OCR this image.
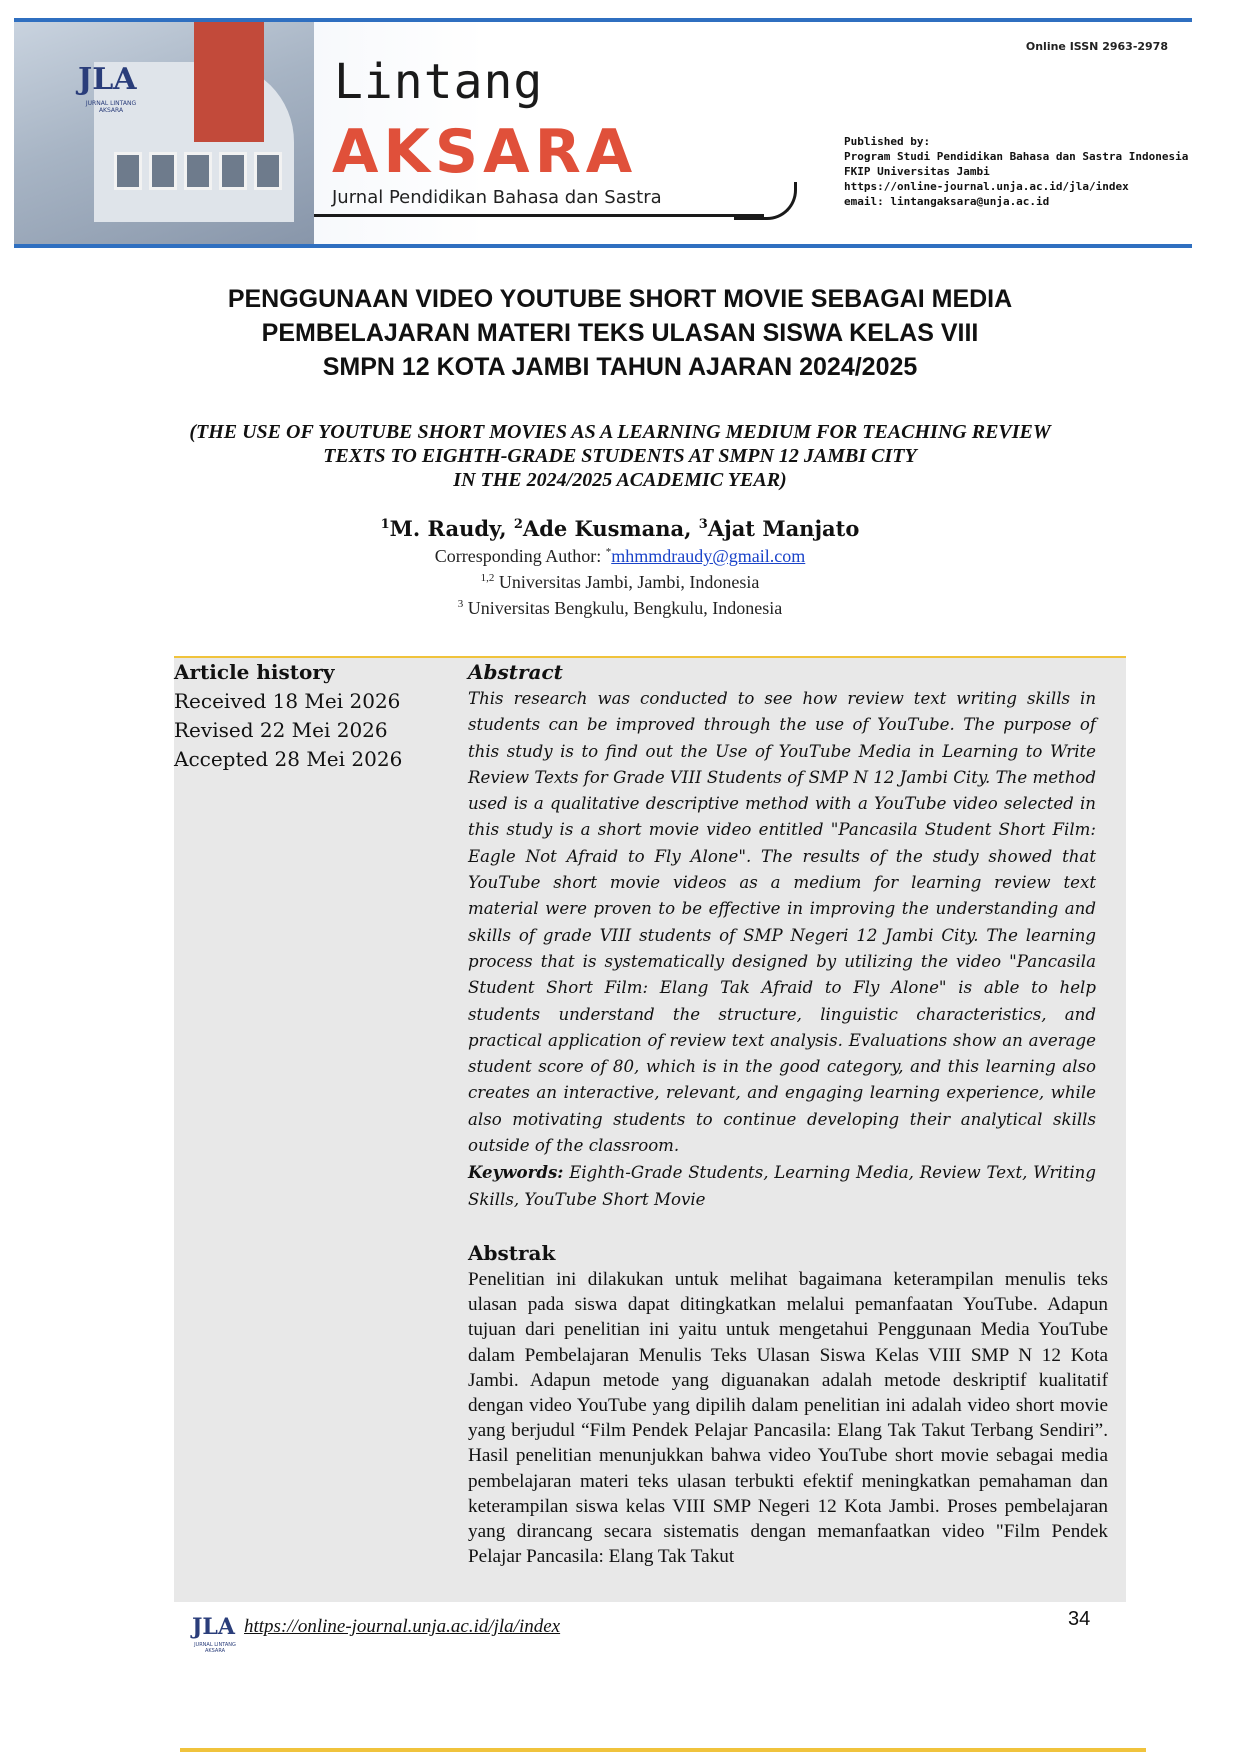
JLA
JURNAL LINTANG AKSARA
Lintang
AKSARA
Jurnal Pendidikan Bahasa dan Sastra
Online ISSN 2963-2978
Published by:
Program Studi Pendidikan Bahasa dan Sastra Indonesia
FKIP Universitas Jambi
https://online-journal.unja.ac.id/jla/index
email: lintangaksara@unja.ac.id
PENGGUNAAN VIDEO YOUTUBE SHORT MOVIE SEBAGAI MEDIA
PEMBELAJARAN MATERI TEKS ULASAN SISWA KELAS VIII
SMPN 12 KOTA JAMBI TAHUN AJARAN 2024/2025
(THE USE OF YOUTUBE SHORT MOVIES AS A LEARNING MEDIUM FOR TEACHING REVIEW
TEXTS TO EIGHTH-GRADE STUDENTS AT SMPN 12 JAMBI CITY
IN THE 2024/2025 ACADEMIC YEAR)
$^1$M. Raudy, $^2$Ade Kusmana, $^3$Ajat Manjato
Corresponding Author: *mhmmdraudy@gmail.com
$^{1,2}$ Universitas Jambi, Jambi, Indonesia
$^3$ Universitas Bengkulu, Bengkulu, Indonesia
Article history
Received 18 Mei 2026
Revised 22 Mei 2026
Accepted 28 Mei 2026
Abstract

This research was conducted to see how review text writing skills in students can be improved through the use of YouTube. The purpose of this study is to find out the Use of YouTube Media in Learning to Write Review Texts for Grade VIII Students of SMP N 12 Jambi City. The method used is a qualitative descriptive method with a YouTube video selected in this study is a short movie video entitled "Pancasila Student Short Film: Eagle Not Afraid to Fly Alone". The results of the study showed that YouTube short movie videos as a medium for learning review text material were proven to be effective in improving the understanding and skills of grade VIII students of SMP Negeri 12 Jambi City. The learning process that is systematically designed by utilizing the video "Pancasila Student Short Film: Elang Tak Afraid to Fly Alone" is able to help students understand the structure, linguistic characteristics, and practical application of review text analysis. Evaluations show an average student score of 80, which is in the good category, and this learning also creates an interactive, relevant, and engaging learning experience, while also motivating students to continue developing their analytical skills outside of the classroom.

Keywords: Eighth-Grade Students, Learning Media, Review Text, Writing Skills, YouTube Short Movie

Abstrak

Penelitian ini dilakukan untuk melihat bagaimana keterampilan menulis teks ulasan pada siswa dapat ditingkatkan melalui pemanfaatan YouTube. Adapun tujuan dari penelitian ini yaitu untuk mengetahui Penggunaan Media YouTube dalam Pembelajaran Menulis Teks Ulasan Siswa Kelas VIII SMP N 12 Kota Jambi. Adapun metode yang diguanakan adalah metode deskriptif kualitatif dengan video YouTube yang dipilih dalam penelitian ini adalah video short movie yang berjudul “Film Pendek Pelajar Pancasila: Elang Tak Takut Terbang Sendiri”. Hasil penelitian menunjukkan bahwa video YouTube short movie sebagai media pembelajaran materi teks ulasan terbukti efektif meningkatkan pemahaman dan keterampilan siswa kelas VIII SMP Negeri 12 Kota Jambi. Proses pembelajaran yang dirancang secara sistematis dengan memanfaatkan video "Film Pendek Pelajar Pancasila: Elang Tak Takut

JLA
JURNAL LINTANG AKSARA
https://online-journal.unja.ac.id/jla/index	34
